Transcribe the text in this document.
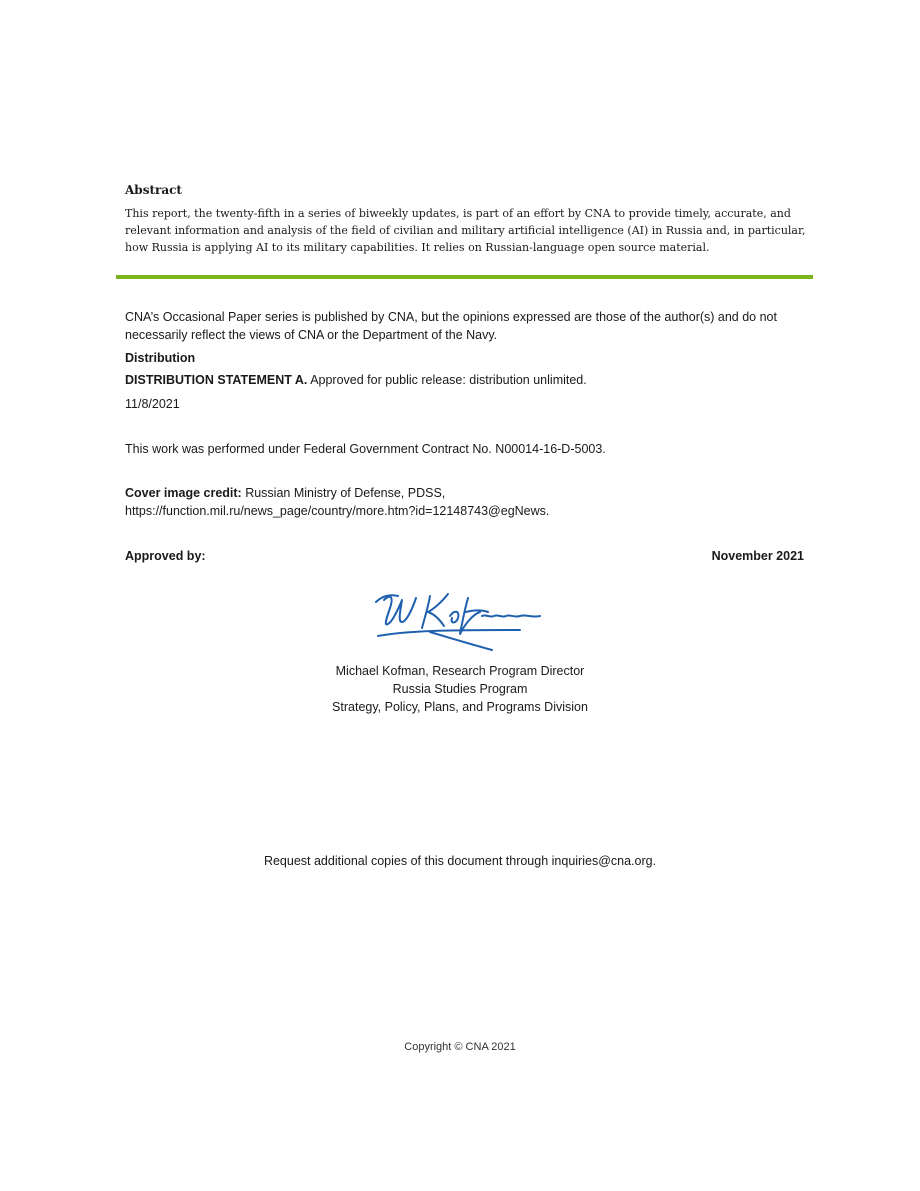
Abstract

This report, the twenty-fifth in a series of biweekly updates, is part of an effort by CNA to provide timely, accurate, and relevant information and analysis of the field of civilian and military artificial intelligence (AI) in Russia and, in particular, how Russia is applying AI to its military capabilities. It relies on Russian-language open source material.

CNA’s Occasional Paper series is published by CNA, but the opinions expressed are those of the author(s) and do not necessarily reflect the views of CNA or the Department of the Navy.

Distribution

DISTRIBUTION STATEMENT A. Approved for public release: distribution unlimited.

11/8/2021

This work was performed under Federal Government Contract No. N00014-16-D-5003.

Cover image credit: Russian Ministry of Defense, PDSS,

https://function.mil.ru/news_page/country/more.htm?id=12148743@egNews.

Approved by:	November 2021

Michael Kofman, Research Program Director

Russia Studies Program

Strategy, Policy, Plans, and Programs Division

Request additional copies of this document through inquiries@cna.org.

Copyright © CNA 2021
